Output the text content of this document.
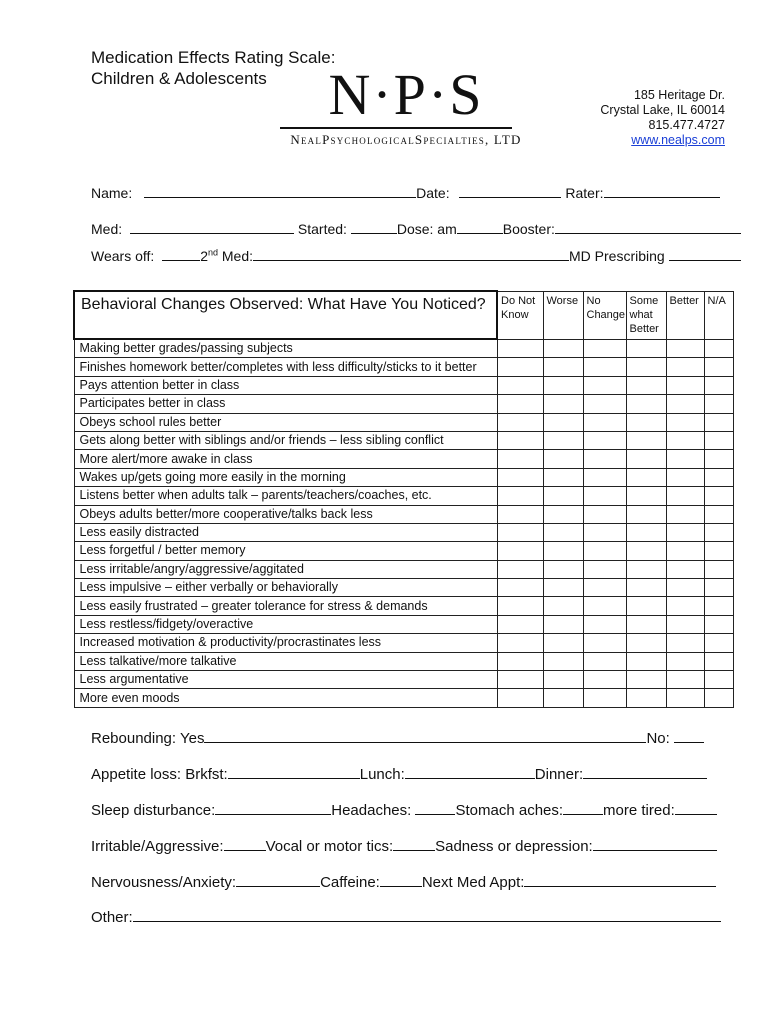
Medication Effects Rating Scale:
Children & Adolescents	N·P·S
NealPsychologicalSpecialties, LTD
185 Heritage Dr.
Crystal Lake, IL 60014
815.477.4727
www.nealps.com
Name:	Date:	Rater:
Med:	Started:	Dose: am	Booster:
Wears off:	2nd Med:	MD Prescribing
Behavioral Changes Observed: What Have You Noticed?	Do Not Know	Worse	No Change	Some what Better	Better	N/A
Making better grades/passing subjects						
Finishes homework better/completes with less difficulty/sticks to it better						
Pays attention better in class						
Participates better in class						
Obeys school rules better						
Gets along better with siblings and/or friends – less sibling conflict						
More alert/more awake in class						
Wakes up/gets going more easily in the morning						
Listens better when adults talk – parents/teachers/coaches, etc.						
Obeys adults better/more cooperative/talks back less						
Less easily distracted						
Less forgetful / better memory						
Less irritable/angry/aggressive/aggitated						
Less impulsive – either verbally or behaviorally						
Less easily frustrated – greater tolerance for stress & demands						
Less restless/fidgety/overactive						
Increased motivation & productivity/procrastinates less						
Less talkative/more talkative						
Less argumentative						
More even moods						
Rebounding: Yes	No:
Appetite loss: Brkfst:	Lunch:	Dinner:
Sleep disturbance:	Headaches:	Stomach aches:	more tired:
Irritable/Aggressive:	Vocal or motor tics:	Sadness or depression:
Nervousness/Anxiety:	Caffeine:	Next Med Appt:
Other:
